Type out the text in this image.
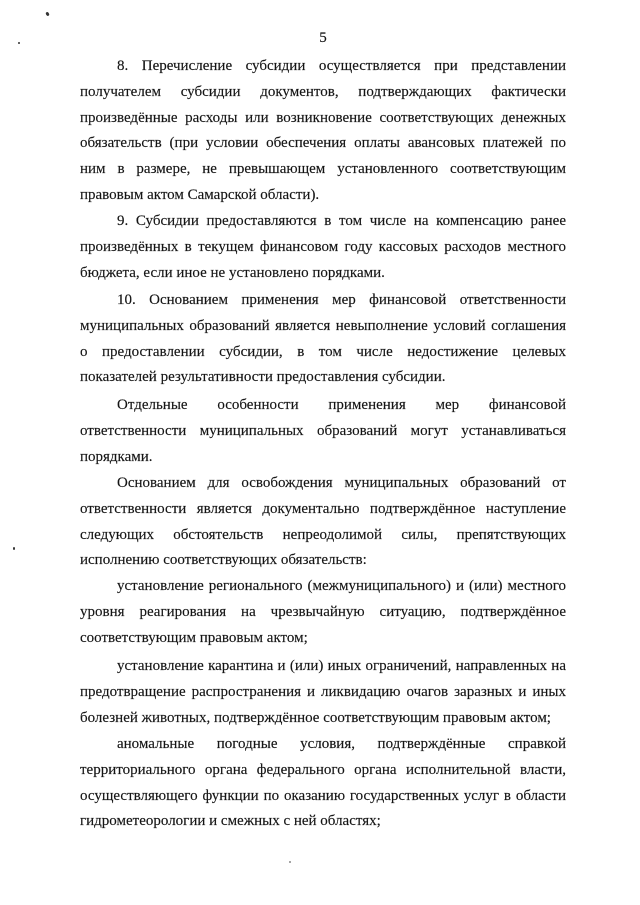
5
8. Перечисление субсидии осуществляется при представлении
получателем субсидии документов, подтверждающих фактически
произведённые расходы или возникновение соответствующих денежных
обязательств (при условии обеспечения оплаты авансовых платежей по
ним в размере, не превышающем установленного соответствующим
правовым актом Самарской области).
9. Субсидии предоставляются в том числе на компенсацию ранее
произведённых в текущем финансовом году кассовых расходов местного
бюджета, если иное не установлено порядками.
10. Основанием применения мер финансовой ответственности
муниципальных образований является невыполнение условий соглашения
о предоставлении субсидии, в том числе недостижение целевых
показателей результативности предоставления субсидии.
Отдельные особенности применения мер финансовой
ответственности муниципальных образований могут устанавливаться
порядками.
Основанием для освобождения муниципальных образований от
ответственности является документально подтверждённое наступление
следующих обстоятельств непреодолимой силы, препятствующих
исполнению соответствующих обязательств:
установление регионального (межмуниципального) и (или) местного
уровня реагирования на чрезвычайную ситуацию, подтверждённое
соответствующим правовым актом;
установление карантина и (или) иных ограничений, направленных на
предотвращение распространения и ликвидацию очагов заразных и иных
болезней животных, подтверждённое соответствующим правовым актом;
аномальные погодные условия, подтверждённые справкой
территориального органа федерального органа исполнительной власти,
осуществляющего функции по оказанию государственных услуг в области
гидрометеорологии и смежных с ней областях;
